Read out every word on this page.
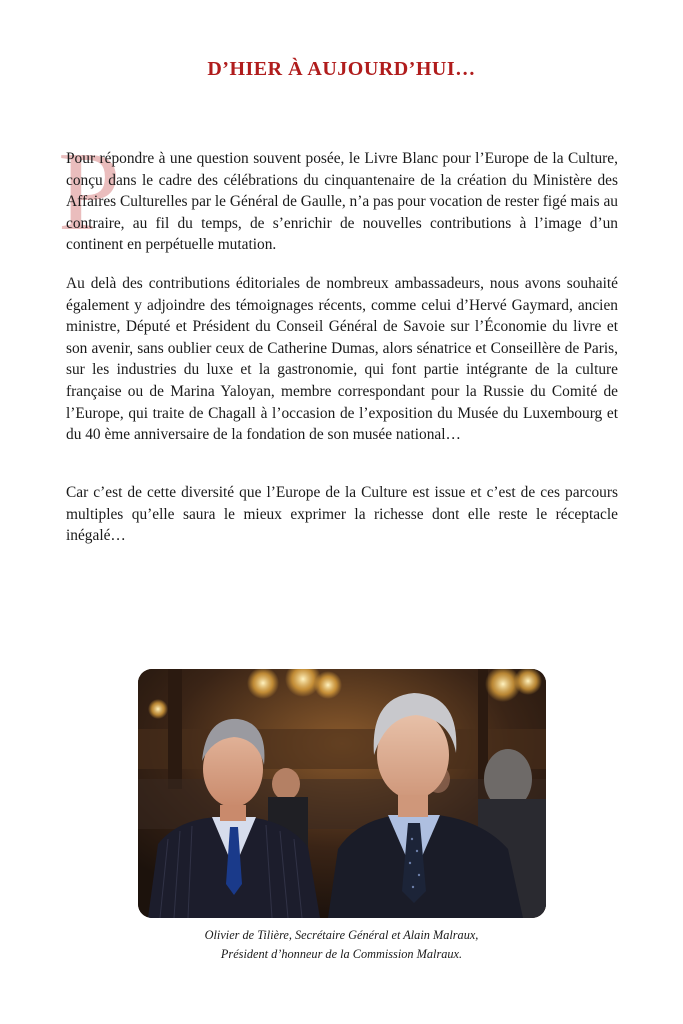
D’HIER À AUJOURD’HUI…
P

Pour répondre à une question souvent posée, le Livre Blanc pour l’Europe de la Culture, conçu dans le cadre des célébrations du cinquantenaire de la création du Ministère des Affaires Culturelles par le Général de Gaulle, n’a pas pour vocation de rester figé mais au contraire, au fil du temps, de s’enrichir de nouvelles contributions à l’image d’un continent en perpétuelle mutation.

Au delà des contributions éditoriales de nombreux ambassadeurs, nous avons souhaité également y adjoindre des témoignages récents, comme celui d’Hervé Gaymard, ancien ministre, Député et Président du Conseil Général de Savoie sur l’Économie du livre et son avenir, sans oublier ceux de Catherine Dumas, alors sénatrice et Conseillère de Paris, sur les industries du luxe et la gastronomie, qui font partie intégrante de la culture française ou de Marina Yaloyan, membre correspondant pour la Russie du Comité de l’Europe, qui traite de Chagall à l’occasion de l’exposition du Musée du Luxembourg et du 40 ème anniversaire de la fondation de son musée national…

Car c’est de cette diversité que l’Europe de la Culture est issue et c’est de ces parcours multiples qu’elle saura le mieux exprimer la richesse dont elle reste le réceptacle inégalé…

Olivier de Tilière, Secrétaire Général et Alain Malraux,
Président d’honneur de la Commission Malraux.
